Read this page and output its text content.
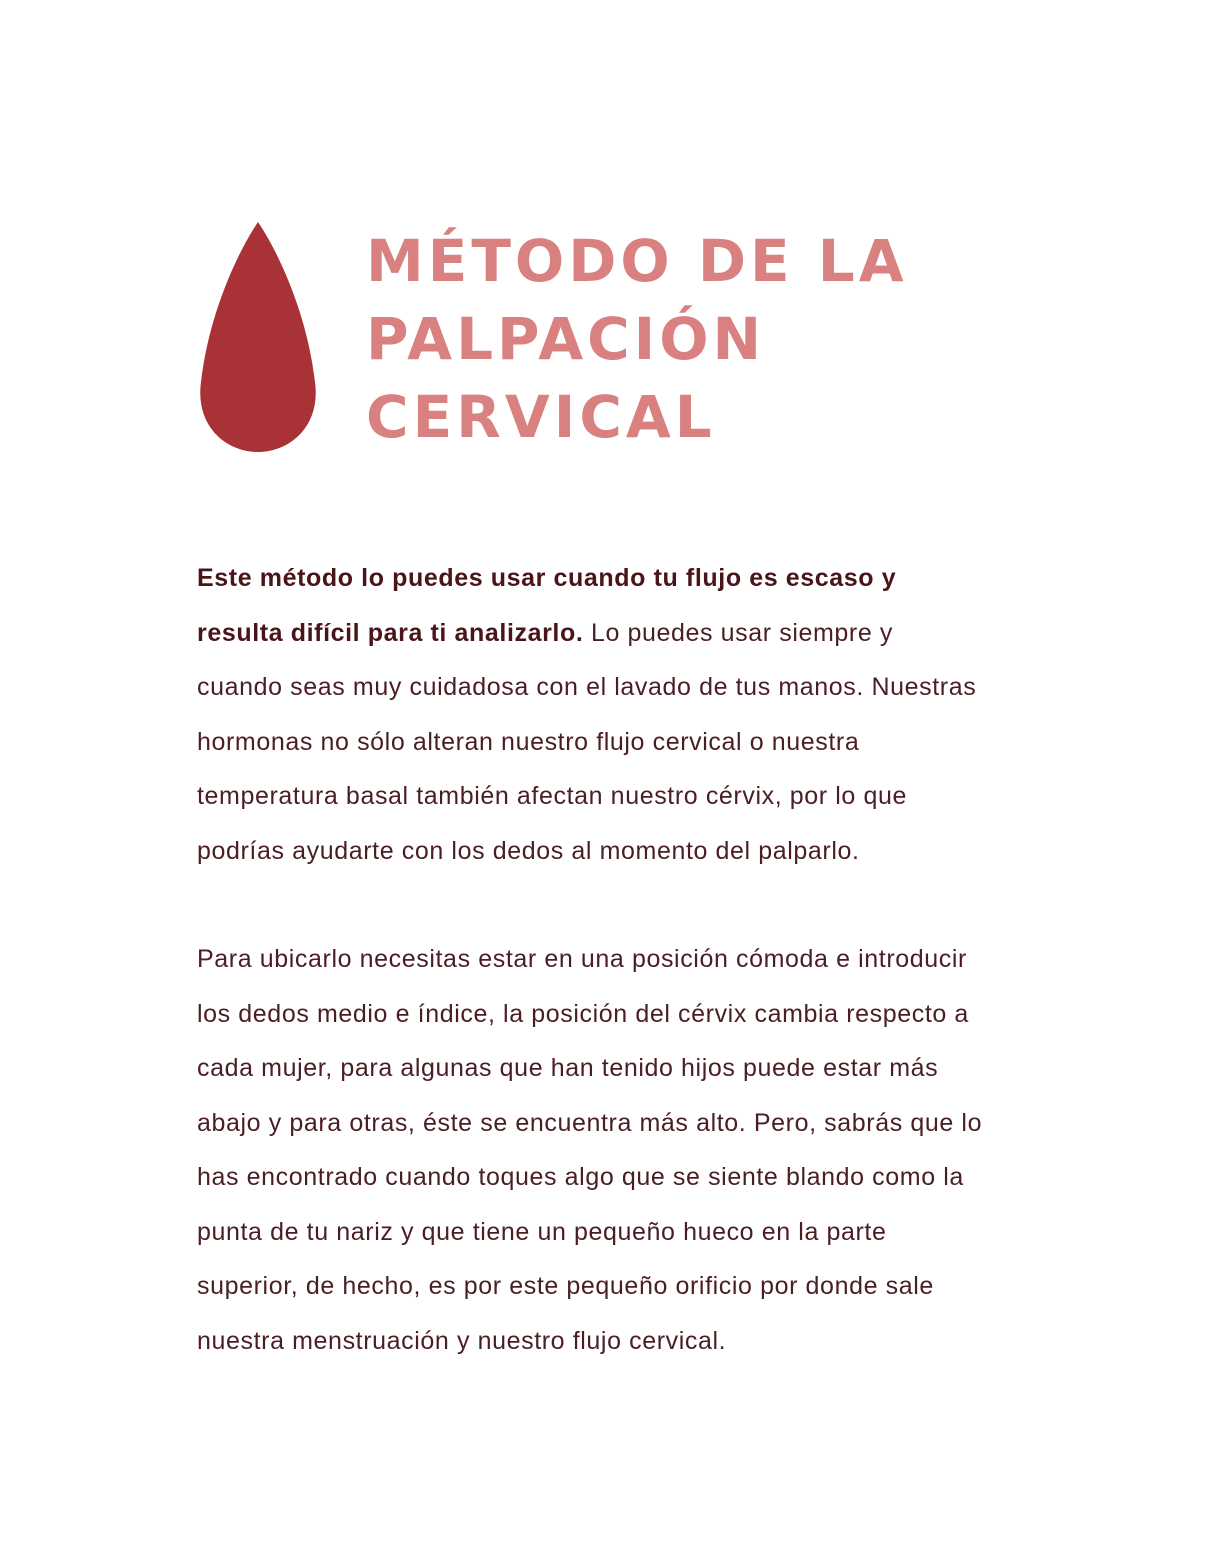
MÉTODO DE LA
PALPACIÓN
CERVICAL

Este método lo puedes usar cuando tu flujo es escaso y
resulta difícil para ti analizarlo. Lo puedes usar siempre y
cuando seas muy cuidadosa con el lavado de tus manos. Nuestras
hormonas no sólo alteran nuestro flujo cervical o nuestra
temperatura basal también afectan nuestro cérvix, por lo que
podrías ayudarte con los dedos al momento del palparlo.

Para ubicarlo necesitas estar en una posición cómoda e introducir
los dedos medio e índice, la posición del cérvix cambia respecto a
cada mujer, para algunas que han tenido hijos puede estar más
abajo y para otras, éste se encuentra más alto. Pero, sabrás que lo
has encontrado cuando toques algo que se siente blando como la
punta de tu nariz y que tiene un pequeño hueco en la parte
superior, de hecho, es por este pequeño orificio por donde sale
nuestra menstruación y nuestro flujo cervical.
